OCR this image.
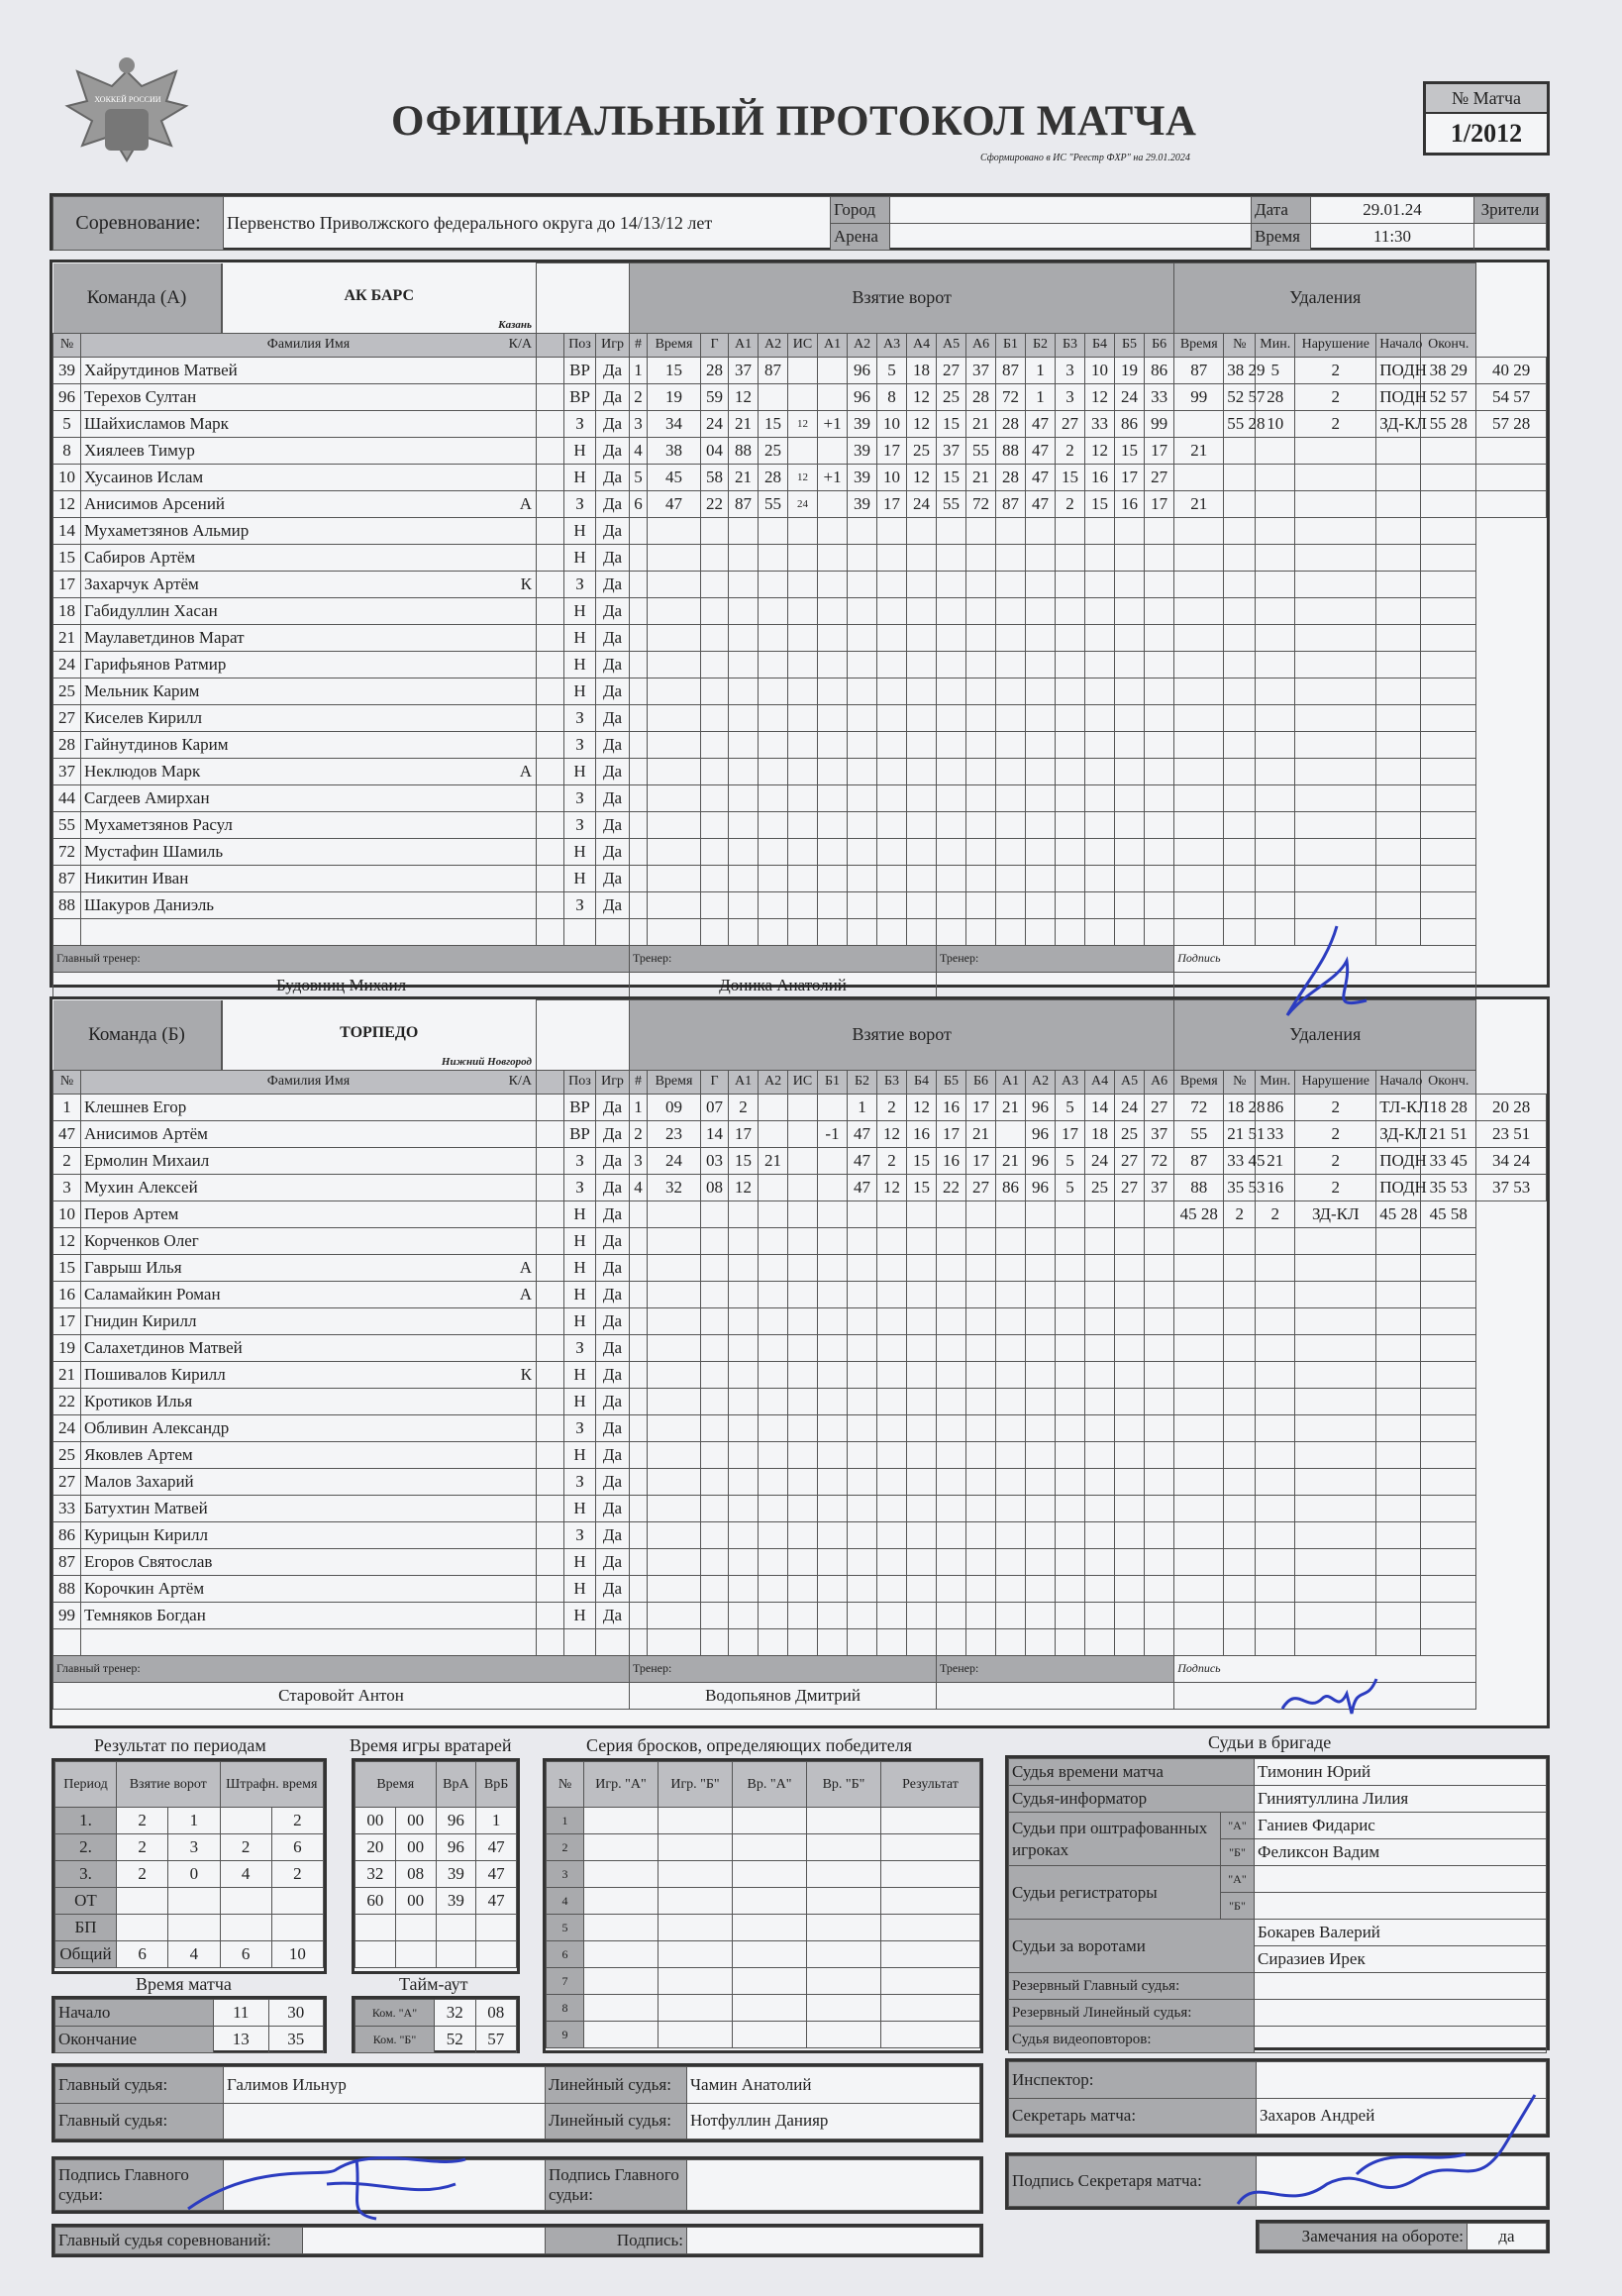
ХОККЕЙ РОССИИ	ОФИЦИАЛЬНЫЙ ПРОТОКОЛ МАТЧА
Сформировано в ИС "Реестр ФХР" на 29.01.2024
№ Матча
1/2012
Соревнование:	Первенство Приволжского федерального округа до 14/13/12 лет	Город		Дата	29.01.24	Зрители
		Арена		Время	11:30	
Команда (А) АК БАРС
Казань					Взятие ворот																		Удаления						
№	Фамилия Имя К/А		Поз	Игр	#	Время	Г	А1	А2	ИС	А1	А2	А3	А4	А5	А6	Б1	Б2	Б3	Б4	Б5	Б6	Время	№	Мин.	Нарушение	Начало	Оконч.	
39	Хайрутдинов Матвей		ВР	Да	1	15	28	37	87			96	5	18	27	37	87	1	3	10	19	86	87	38 29	5	2	ПОДН	38 29	40 29
96	Терехов Султан		ВР	Да	2	19	59	12				96	8	12	25	28	72	1	3	12	24	33	99	52 57	28	2	ПОДН	52 57	54 57
5	Шайхисламов Марк		З	Да	3	34	24	21	15	12	+1	39	10	12	15	21	28	47	27	33	86	99		55 28	10	2	ЗД-КЛ	55 28	57 28
8	Хиялеев Тимур		Н	Да	4	38	04	88	25			39	17	25	37	55	88	47	2	12	15	17	21						
10	Хусаинов Ислам		Н	Да	5	45	58	21	28	12	+1	39	10	12	15	21	28	47	15	16	17	27							
12	Анисимов Арсений А		З	Да	6	47	22	87	55	24		39	17	24	55	72	87	47	2	15	16	17	21						
14	Мухаметзянов Альмир		Н	Да																									
15	Сабиров Артём		Н	Да																									
17	Захарчук Артём К		З	Да																									
18	Габидуллин Хасан		Н	Да																									
21	Маулаветдинов Марат		Н	Да																									
24	Гарифьянов Ратмир		Н	Да																									
25	Мельник Карим		Н	Да																									
27	Киселев Кирилл		З	Да																									
28	Гайнутдинов Карим		З	Да																									
37	Неклюдов Марк А		Н	Да																									
44	Сагдеев Амирхан		З	Да																									
55	Мухаметзянов Расул		З	Да																									
72	Мустафин Шамиль		Н	Да																									
87	Никитин Иван		Н	Да																									
88	Шакуров Даниэль		З	Да																									

Главный тренер:					Тренер:										Тренер:								Подпись						
Будовниц Михаил					Доника Анатолий																								
Команда (Б) ТОРПЕДО
Нижний Новгород					Взятие ворот																		Удаления						
№	Фамилия Имя К/А		Поз	Игр	#	Время	Г	А1	А2	ИС	Б1	Б2	Б3	Б4	Б5	Б6	А1	А2	А3	А4	А5	А6	Время	№	Мин.	Нарушение	Начало	Оконч.	
1	Клешнев Егор		ВР	Да	1	09	07	2				1	2	12	16	17	21	96	5	14	24	27	72	18 28	86	2	ТЛ-КЛ	18 28	20 28
47	Анисимов Артём		ВР	Да	2	23	14	17			-1	47	12	16	17	21		96	17	18	25	37	55	21 51	33	2	ЗД-КЛ	21 51	23 51
2	Ермолин Михаил		З	Да	3	24	03	15	21			47	2	15	16	17	21	96	5	24	27	72	87	33 45	21	2	ПОДН	33 45	34 24
3	Мухин Алексей		З	Да	4	32	08	12				47	12	15	22	27	86	96	5	25	27	37	88	35 53	16	2	ПОДН	35 53	37 53
10	Перов Артем		Н	Да																			45 28	2	2	ЗД-КЛ	45 28	45 58	
12	Корченков Олег		Н	Да																									
15	Гаврыш Илья А		Н	Да																									
16	Саламайкин Роман А		Н	Да																									
17	Гнидин Кирилл		Н	Да																									
19	Салахетдинов Матвей		З	Да																									
21	Пошивалов Кирилл К		Н	Да																									
22	Кротиков Илья		Н	Да																									
24	Обливин Александр		З	Да																									
25	Яковлев Артем		Н	Да																									
27	Малов Захарий		З	Да																									
33	Батухтин Матвей		Н	Да																									
86	Курицын Кирилл		З	Да																									
87	Егоров Святослав		Н	Да																									
88	Корочкин Артём		Н	Да																									
99	Темняков Богдан		Н	Да																									

Главный тренер:					Тренер:										Тренер:								Подпись						
Старовойт Антон					Водопьянов Дмитрий																								
Результат по периодам
Период	Взятие ворот		Штрафн. время	
1.	2	1		2
2.	2	3	2	6
3.	2	0	4	2
ОТ				
БП				
Общий	6	4	6	10
Время игры вратарей
Время		ВрА	ВрБ
00	00	96	1
20	00	96	47
32	08	39	47
60	00	39	47

Время матча
Начало	11	30
Окончание	13	35
Тайм-аут
Ком. "А"	32	08
Ком. "Б"	52	57
Серия бросков, определяющих победителя
№	Игр. "А"	Игр. "Б"	Вр. "А"	Вр. "Б"	Результат
1					
2					
3					
4					
5					
6					
7					
8					
9					
Судьи в бригаде
Судья времени матча		Тимонин Юрий
Судья-информатор		Гиниятуллина Лилия
Судьи при оштрафованных игроках	"А"	Ганиев Фидарис
	"Б"	Феликсон Вадим
Судьи регистраторы	"А"	
	"Б"	
Судьи за воротами		Бокарев Валерий
		Сиразиев Ирек
Резервный Главный судья:		
Резервный Линейный судья:		
Судья видеоповторов:		
Главный судья:	Галимов Ильнур	Линейный судья:	Чамин Анатолий
Главный судья:		Линейный судья:	Нотфуллин Данияр
Инспектор:	
Секретарь матча:	Захаров Андрей
Подпись Главного судьи:		Подпись Главного судьи:	
Подпись Секретаря матча:	
Главный судья соревнований:		Подпись:		Замечания на обороте:	да
